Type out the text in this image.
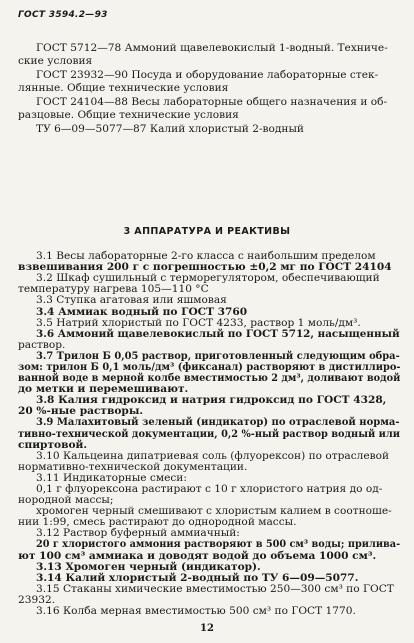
ГОСТ 3594.2—93
ГОСТ 5712—78 Аммоний щавелевокислый 1-водный. Техниче-
ские условия
ГОСТ 23932—90 Посуда и оборудование лабораторные стек-
лянные. Общие технические условия
ГОСТ 24104—88 Весы лабораторные общего назначения и об-
разцовые. Общие технические условия
ТУ 6—09—5077—87 Калий хлористый 2-водный
3 АППАРАТУРА И РЕАКТИВЫ
3.1 Весы лабораторные 2-го класса с наибольшим пределом
взвешивания 200 г с погрешностью ±0,2 мг по ГОСТ 24104
3.2 Шкаф сушильный с терморегулятором, обеспечивающий
температуру нагрева 105—110 °С
3.3 Ступка агатовая или яшмовая
3.4 Аммиак водный по ГОСТ 3760
3.5 Натрий хлористый по ГОСТ 4233, раствор 1 моль/дм³.
3.6 Аммоний щавелевокислый по ГОСТ 5712, насыщенный
раствор.
3.7 Трилон Б 0,05 раствор, приготовленный следующим обра-
зом: трилон Б 0,1 моль/дм³ (фиксанал) растворяют в дистиллиро-
ванной воде в мерной колбе вместимостью 2 дм³, доливают водой
до метки и перемешивают.
3.8 Калия гидроксид и натрия гидроксид по ГОСТ 4328,
20 %-ные растворы.
3.9 Малахитовый зеленый (индикатор) по отраслевой норма-
тивно-технической документации, 0,2 %-ный раствор водный или
спиртовой.
3.10 Кальцеина дипатриевая соль (флуорексон) по отраслевой
нормативно-технической документации.
3.11 Индикаторные смеси:
0,1 г флуорексона растирают с 10 г хлористого натрия до од-
нородной массы;
хромоген черный смешивают с хлористым калием в соотноше-
нии 1:99, смесь растирают до однородной массы.
3.12 Раствор буферный аммиачный:
20 г хлористого аммония растворяют в 500 см³ воды; прилива-
ют 100 см³ аммиака и доводят водой до объема 1000 см³.
3.13 Хромоген черный (индикатор).
3.14 Калий хлористый 2-водный по ТУ 6—09—5077.
3.15 Стаканы химические вместимостью 250—300 см³ по ГОСТ
23932.
3.16 Колба мерная вместимостью 500 см³ по ГОСТ 1770.
12
